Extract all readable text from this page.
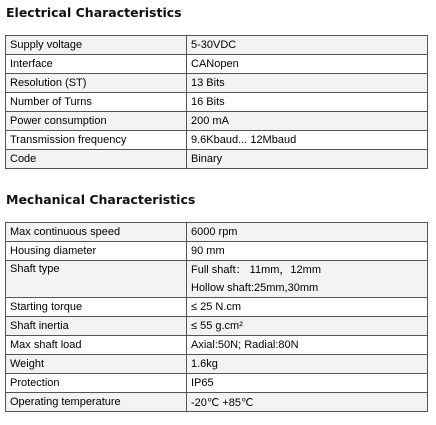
Electrical Characteristics
Supply voltage	5-30VDC
Interface	CANopen
Resolution (ST)	13 Bits
Number of Turns	16 Bits
Power consumption	200 mA
Transmission frequency	9.6Kbaud... 12Mbaud
Code	Binary
Mechanical Characteristics
Max continuous speed	6000 rpm
Housing diameter	90 mm
Shaft type	Full shaft： 11mm，12mm
Hollow shaft:25mm,30mm

Starting torque	≤ 25 N.cm
Shaft inertia	≤ 55 g.cm²
Max shaft load	Axial:50N; Radial:80N
Weight	1.6kg
Protection	IP65
Operating temperature	-20℃ +85℃
